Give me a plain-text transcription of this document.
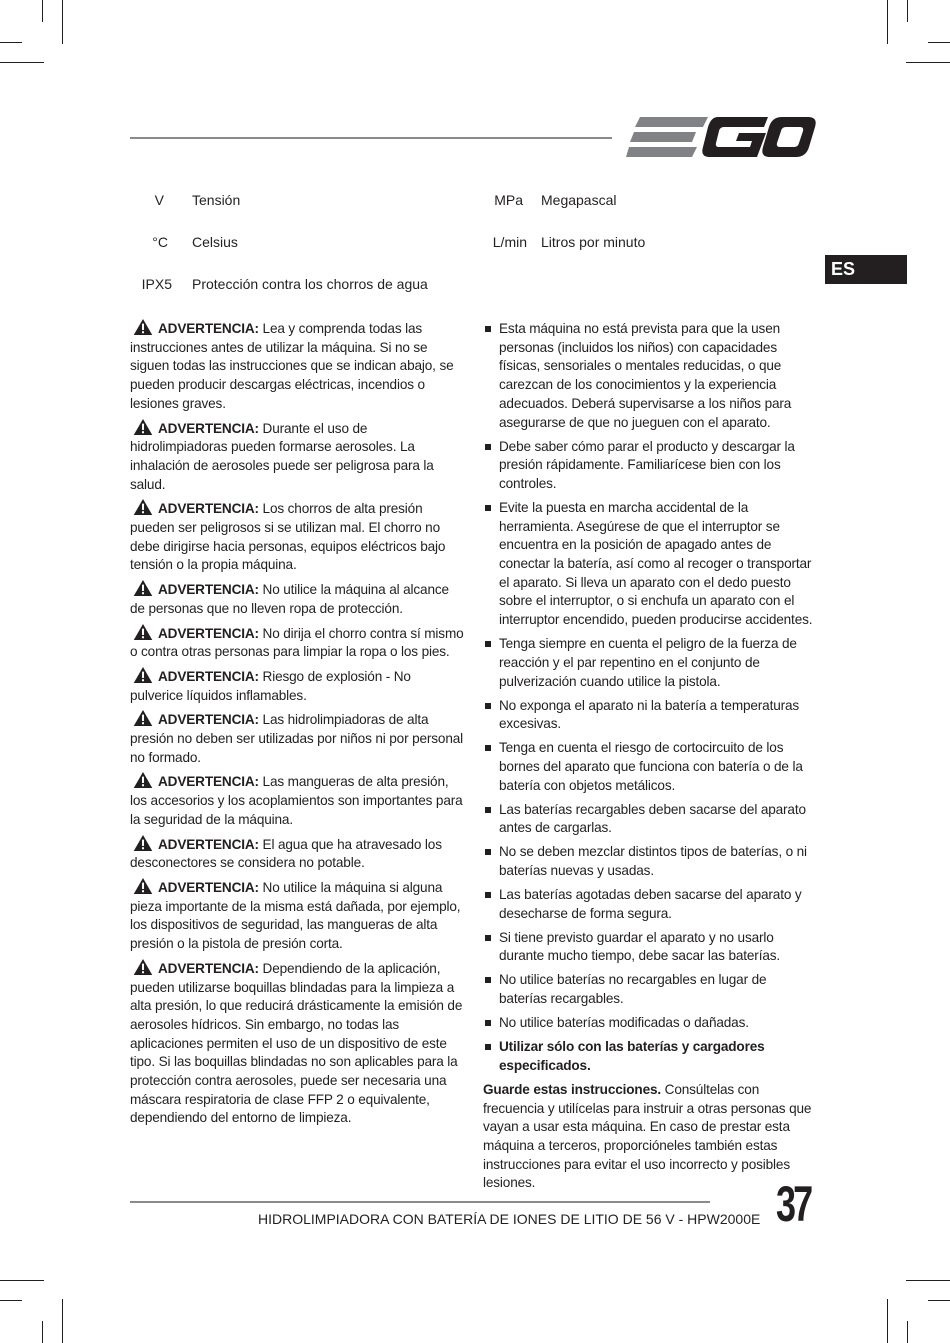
ES
V Tensión	MPa Megapascal
°C Celsius	L/min Litros por minuto
IPX5 Protección contra los chorros de agua

ADVERTENCIA: Lea y comprenda todas las instrucciones antes de utilizar la máquina. Si no se siguen todas las instrucciones que se indican abajo, se pueden producir descargas eléctricas, incendios o lesiones graves.

ADVERTENCIA: Durante el uso de hidrolimpiadoras pueden formarse aerosoles. La inhalación de aerosoles puede ser peligrosa para la salud.

ADVERTENCIA: Los chorros de alta presión pueden ser peligrosos si se utilizan mal. El chorro no debe dirigirse hacia personas, equipos eléctricos bajo tensión o la propia máquina.

ADVERTENCIA: No utilice la máquina al alcance de personas que no lleven ropa de protección.

ADVERTENCIA: No dirija el chorro contra sí mismo o contra otras personas para limpiar la ropa o los pies.

ADVERTENCIA: Riesgo de explosión - No pulverice líquidos inflamables.

ADVERTENCIA: Las hidrolimpiadoras de alta presión no deben ser utilizadas por niños ni por personal no formado.

ADVERTENCIA: Las mangueras de alta presión, los accesorios y los acoplamientos son importantes para la seguridad de la máquina.

ADVERTENCIA: El agua que ha atravesado los desconectores se considera no potable.

ADVERTENCIA: No utilice la máquina si alguna pieza importante de la misma está dañada, por ejemplo, los dispositivos de seguridad, las mangueras de alta presión o la pistola de presión corta.

ADVERTENCIA: Dependiendo de la aplicación, pueden utilizarse boquillas blindadas para la limpieza a alta presión, lo que reducirá drásticamente la emisión de aerosoles hídricos. Sin embargo, no todas las aplicaciones permiten el uso de un dispositivo de este tipo. Si las boquillas blindadas no son aplicables para la protección contra aerosoles, puede ser necesaria una máscara respiratoria de clase FFP 2 o equivalente, dependiendo del entorno de limpieza.

Esta máquina no está prevista para que la usen personas (incluidos los niños) con capacidades físicas, sensoriales o mentales reducidas, o que carezcan de los conocimientos y la experiencia adecuados. Deberá supervisarse a los niños para asegurarse de que no jueguen con el aparato.
Debe saber cómo parar el producto y descargar la presión rápidamente. Familiarícese bien con los controles.
Evite la puesta en marcha accidental de la herramienta. Asegúrese de que el interruptor se encuentra en la posición de apagado antes de conectar la batería, así como al recoger o transportar el aparato. Si lleva un aparato con el dedo puesto sobre el interruptor, o si enchufa un aparato con el interruptor encendido, pueden producirse accidentes.
Tenga siempre en cuenta el peligro de la fuerza de reacción y el par repentino en el conjunto de pulverización cuando utilice la pistola.
No exponga el aparato ni la batería a temperaturas excesivas.
Tenga en cuenta el riesgo de cortocircuito de los bornes del aparato que funciona con batería o de la batería con objetos metálicos.
Las baterías recargables deben sacarse del aparato antes de cargarlas.
No se deben mezclar distintos tipos de baterías, o ni baterías nuevas y usadas.
Las baterías agotadas deben sacarse del aparato y desecharse de forma segura.
Si tiene previsto guardar el aparato y no usarlo durante mucho tiempo, debe sacar las baterías.
No utilice baterías no recargables en lugar de baterías recargables.
No utilice baterías modificadas o dañadas.
Utilizar sólo con las baterías y cargadores especificados.

Guarde estas instrucciones. Consúltelas con frecuencia y utilícelas para instruir a otras personas que vayan a usar esta máquina. En caso de prestar esta máquina a terceros, proporcióneles también estas instrucciones para evitar el uso incorrecto y posibles lesiones.

HIDROLIMPIADORA CON BATERÍA DE IONES DE LITIO DE 56 V - HPW2000E 37
